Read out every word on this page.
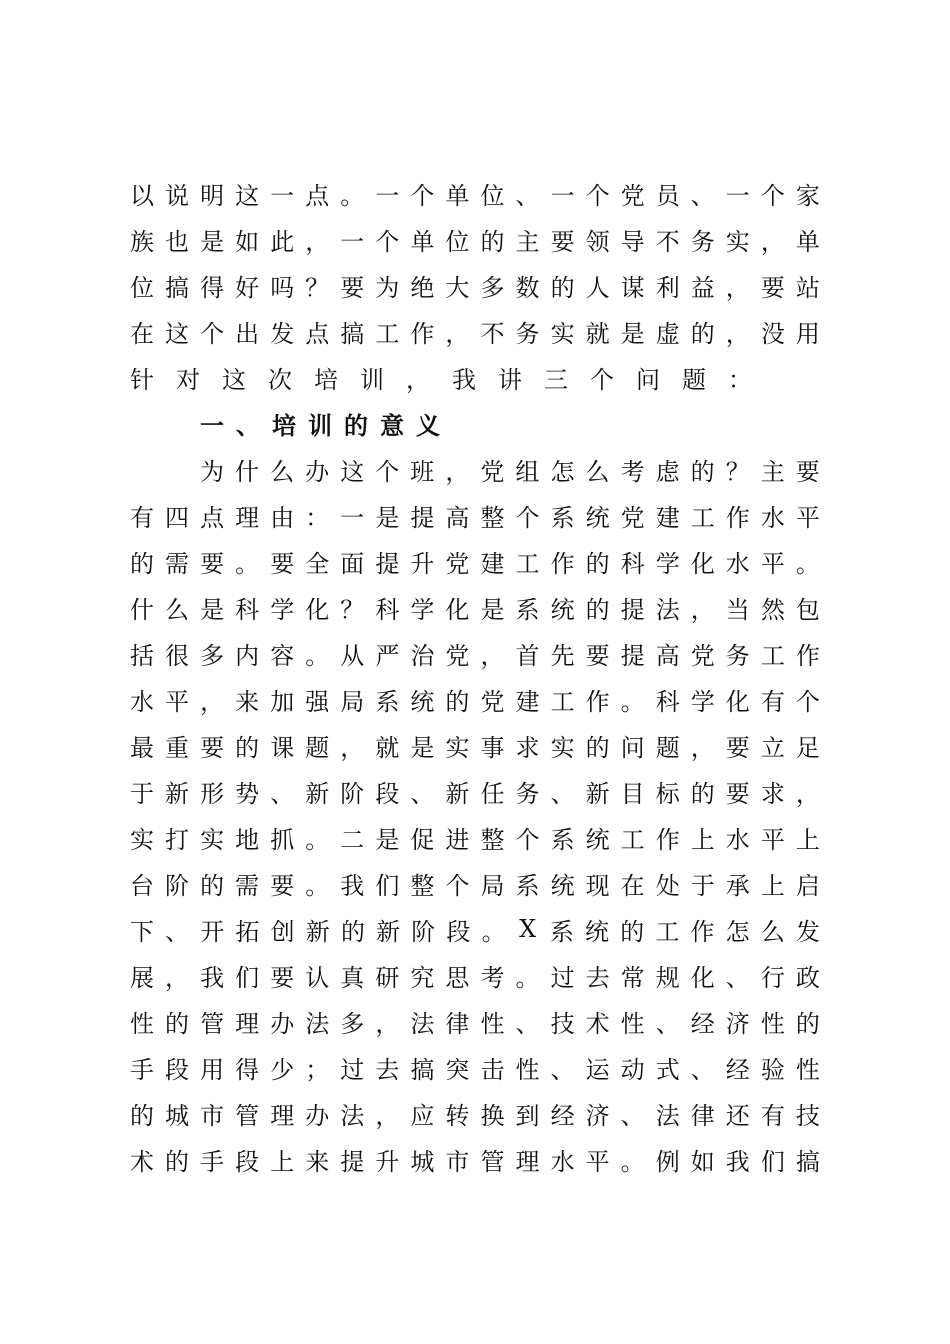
以 说 明 这 一 点 。 一 个 单 位 、 一 个 党 员 、 一 个 家
族 也 是 如 此 ， 一 个 单 位 的 主 要 领 导 不 务 实 ， 单
位 搞 得 好 吗 ？ 要 为 绝 大 多 数 的 人 谋 利 益 ， 要 站
在 这 个 出 发 点 搞 工 作 ， 不 务 实 就 是 虚 的 ， 没 用
针 对 这 次 培 训 ， 我 讲 三 个 问 题 ：
一 、 培 训 的 意 义
为 什 么 办 这 个 班 ， 党 组 怎 么 考 虑 的 ？ 主 要
有 四 点 理 由 ： 一 是 提 高 整 个 系 统 党 建 工 作 水 平
的 需 要 。 要 全 面 提 升 党 建 工 作 的 科 学 化 水 平 。
什 么 是 科 学 化 ？ 科 学 化 是 系 统 的 提 法 ， 当 然 包
括 很 多 内 容 。 从 严 治 党 ， 首 先 要 提 高 党 务 工 作
水 平 ， 来 加 强 局 系 统 的 党 建 工 作 。 科 学 化 有 个
最 重 要 的 课 题 ， 就 是 实 事 求 实 的 问 题 ， 要 立 足
于 新 形 势 、 新 阶 段 、 新 任 务 、 新 目 标 的 要 求 ，
实 打 实 地 抓 。 二 是 促 进 整 个 系 统 工 作 上 水 平 上
台 阶 的 需 要 。 我 们 整 个 局 系 统 现 在 处 于 承 上 启
下 、 开 拓 创 新 的 新 阶 段 。 X 系 统 的 工 作 怎 么 发
展 ， 我 们 要 认 真 研 究 思 考 。 过 去 常 规 化 、 行 政
性 的 管 理 办 法 多 ， 法 律 性 、 技 术 性 、 经 济 性 的
手 段 用 得 少 ； 过 去 搞 突 击 性 、 运 动 式 、 经 验 性
的 城 市 管 理 办 法 ， 应 转 换 到 经 济 、 法 律 还 有 技
术 的 手 段 上 来 提 升 城 市 管 理 水 平 。 例 如 我 们 搞
